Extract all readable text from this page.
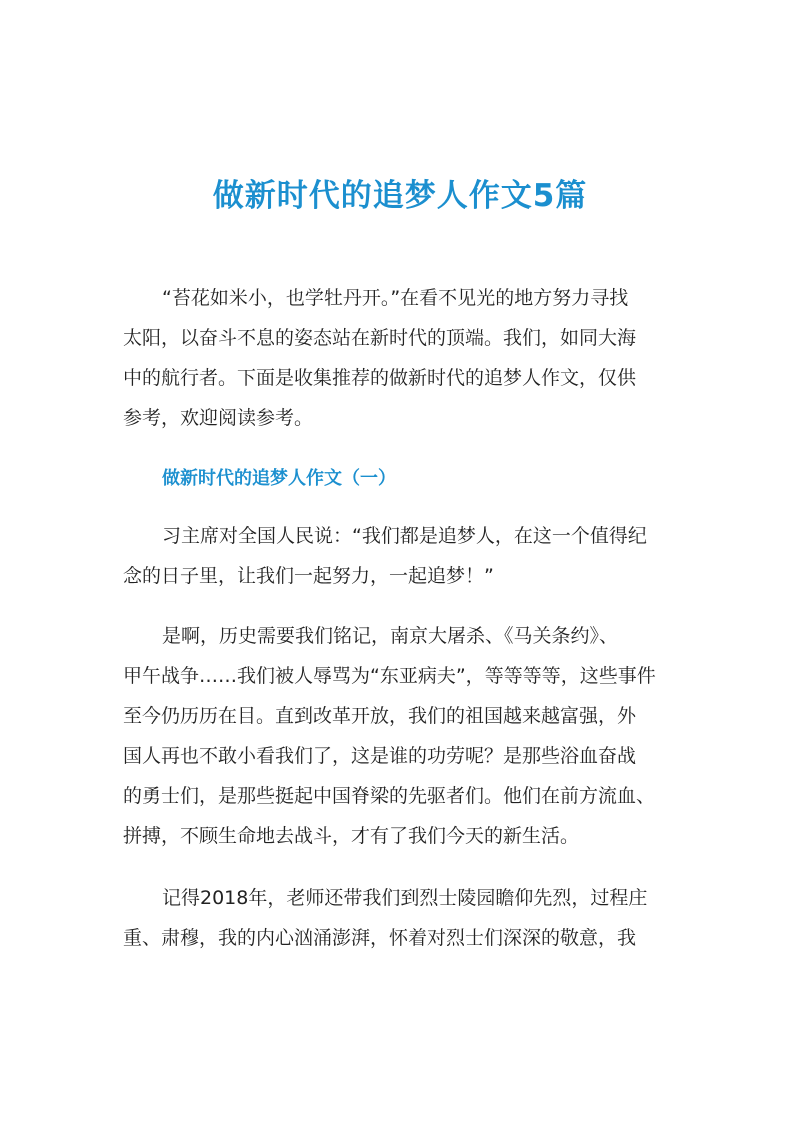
做新时代的追梦人作文5篇
“苔花如米小，也学牡丹开。”在看不见光的地方努力寻找
太阳，以奋斗不息的姿态站在新时代的顶端。我们，如同大海
中的航行者。下面是收集推荐的做新时代的追梦人作文，仅供
参考，欢迎阅读参考。
做新时代的追梦人作文（一）
习主席对全国人民说：“我们都是追梦人，在这一个值得纪
念的日子里，让我们一起努力，一起追梦！”
是啊，历史需要我们铭记，南京大屠杀、《马关条约》、
甲午战争……我们被人辱骂为“东亚病夫”，等等等等，这些事件
至今仍历历在目。直到改革开放，我们的祖国越来越富强，外
国人再也不敢小看我们了，这是谁的功劳呢？是那些浴血奋战
的勇士们，是那些挺起中国脊梁的先驱者们。他们在前方流血、
拼搏，不顾生命地去战斗，才有了我们今天的新生活。
记得2018年，老师还带我们到烈士陵园瞻仰先烈，过程庄
重、肃穆，我的内心汹涌澎湃，怀着对烈士们深深的敬意，我
